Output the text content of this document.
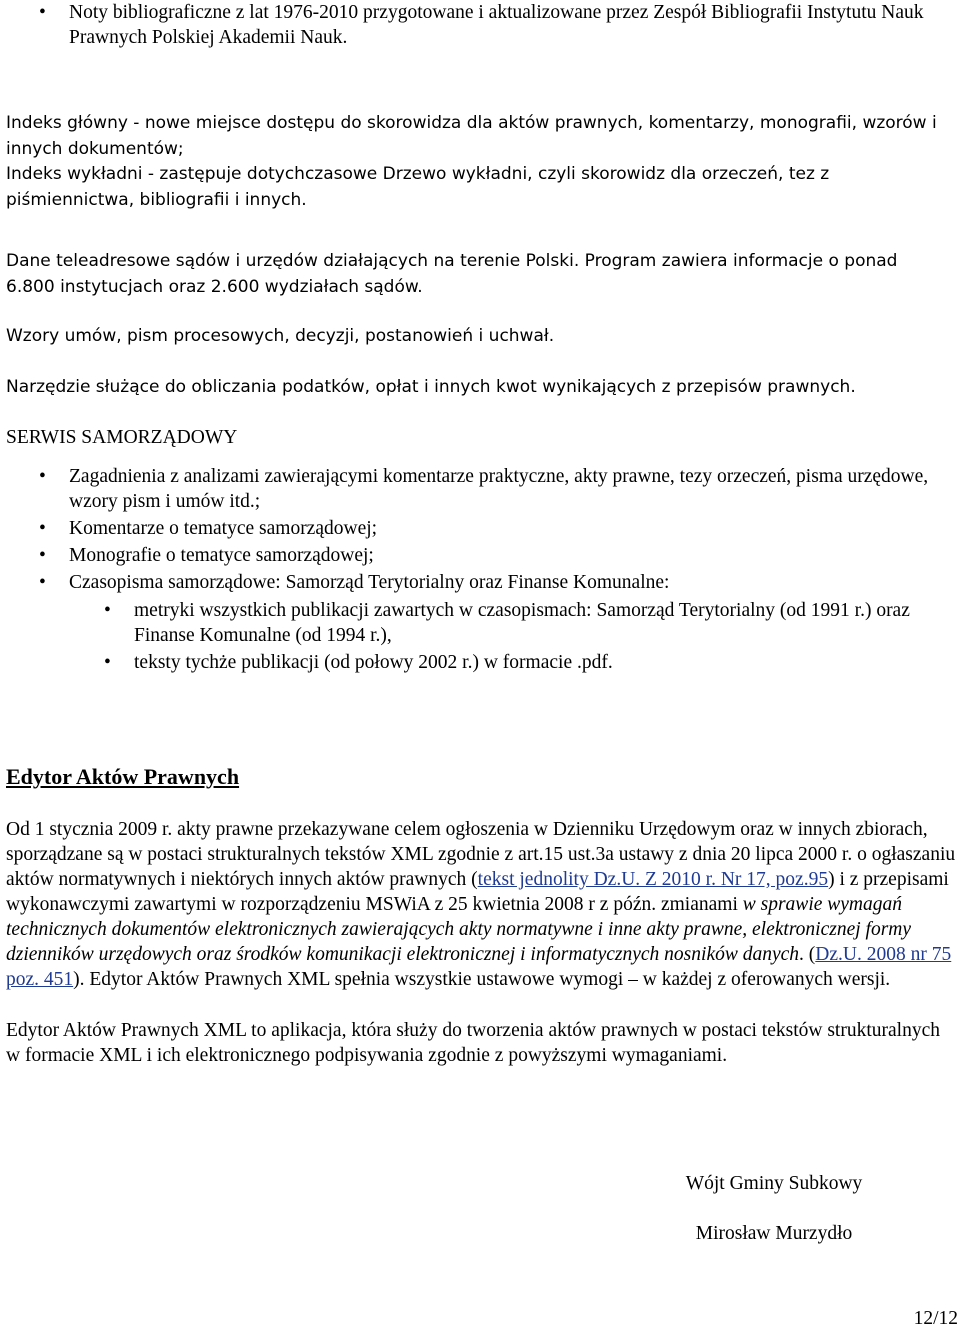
• Noty bibliograficzne z lat 1976-2010 przygotowane i aktualizowane przez Zespół Bibliografii Instytutu Nauk Prawnych Polskiej Akademii Nauk.

Indeks główny - nowe miejsce dostępu do skorowidza dla aktów prawnych, komentarzy, monografii, wzorów i innych dokumentów;

Indeks wykładni - zastępuje dotychczasowe Drzewo wykładni, czyli skorowidz dla orzeczeń, tez z piśmiennictwa, bibliografii i innych.

Dane teleadresowe sądów i urzędów działających na terenie Polski. Program zawiera informacje o ponad 6.800 instytucjach oraz 2.600 wydziałach sądów.

Wzory umów, pism procesowych, decyzji, postanowień i uchwał.

Narzędzie służące do obliczania podatków, opłat i innych kwot wynikających z przepisów prawnych.

SERWIS SAMORZĄDOWY

• Zagadnienia z analizami zawierającymi komentarze praktyczne, akty prawne, tezy orzeczeń, pisma urzędowe, wzory pism i umów itd.;
• Komentarze o tematyce samorządowej;
• Monografie o tematyce samorządowej;
• Czasopisma samorządowe: Samorząd Terytorialny oraz Finanse Komunalne:
• metryki wszystkich publikacji zawartych w czasopismach: Samorząd Terytorialny (od 1991 r.) oraz Finanse Komunalne (od 1994 r.),
• teksty tychże publikacji (od połowy 2002 r.) w formacie .pdf.

Edytor Aktów Prawnych

Od 1 stycznia 2009 r. akty prawne przekazywane celem ogłoszenia w Dzienniku Urzędowym oraz w innych zbiorach, sporządzane są w postaci strukturalnych tekstów XML zgodnie z art.15 ust.3a ustawy z dnia 20 lipca 2000 r. o ogłaszaniu aktów normatywnych i niektórych innych aktów prawnych (tekst jednolity Dz.U. Z 2010 r. Nr 17, poz.95) i z przepisami wykonawczymi zawartymi w rozporządzeniu MSWiA z 25 kwietnia 2008 r z późn. zmianami w sprawie wymagań technicznych dokumentów elektronicznych zawierających akty normatywne i inne akty prawne, elektronicznej formy dzienników urzędowych oraz środków komunikacji elektronicznej i informatycznych nosników danych. (Dz.U. 2008 nr 75 poz. 451). Edytor Aktów Prawnych XML spełnia wszystkie ustawowe wymogi – w każdej z oferowanych wersji.

Edytor Aktów Prawnych XML to aplikacja, która służy do tworzenia aktów prawnych w postaci tekstów strukturalnych w formacie XML i ich elektronicznego podpisywania zgodnie z powyższymi wymaganiami.

Wójt Gminy Subkowy
Mirosław Murzydło
12/12
